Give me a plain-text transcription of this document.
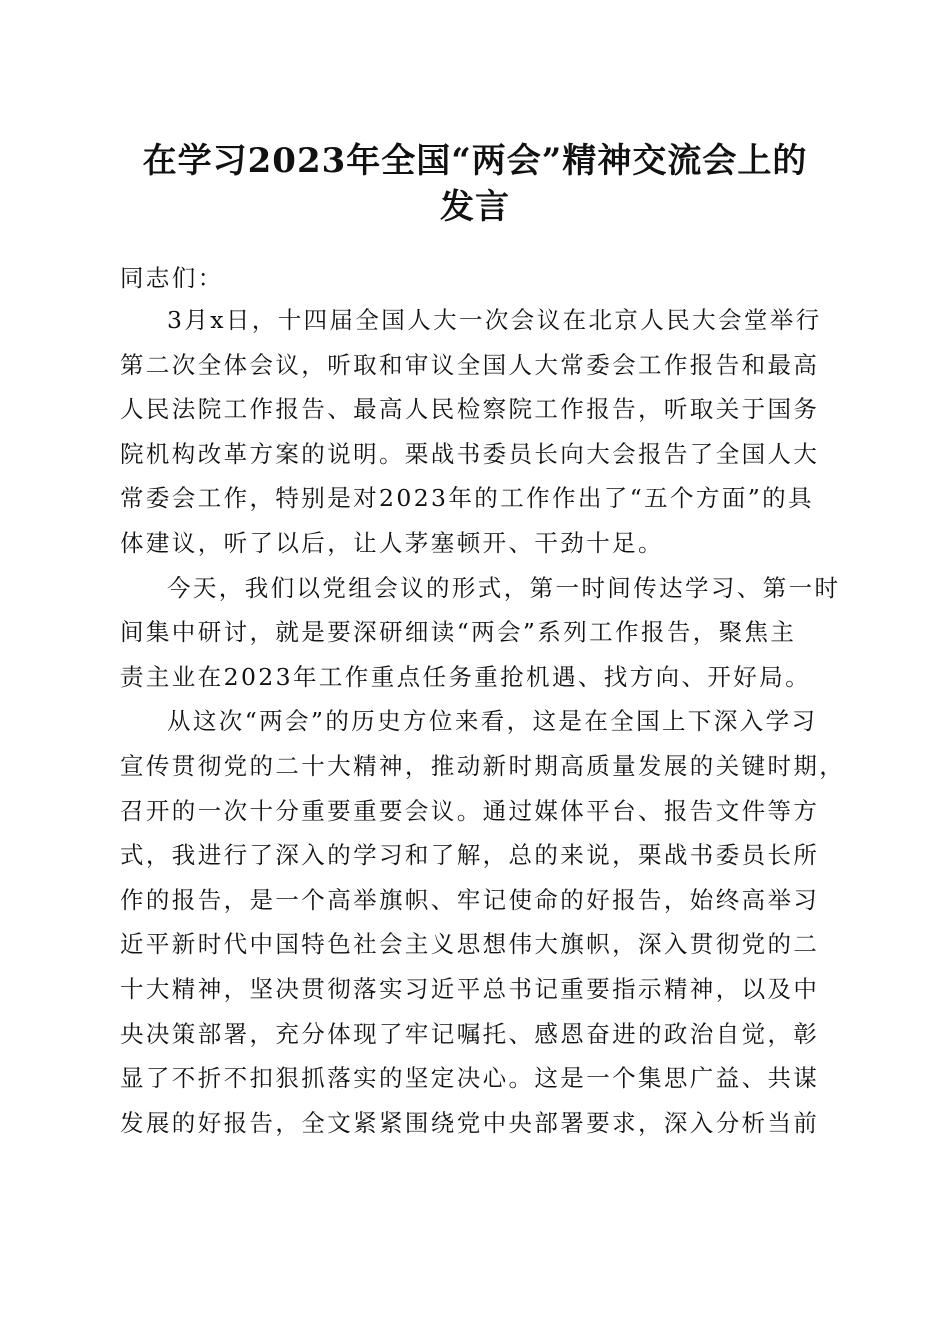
在学习2023年全国“两会”精神交流会上的
发言

同志们：

3月x日，十四届全国人大一次会议在北京人民大会堂举行
第二次全体会议，听取和审议全国人大常委会工作报告和最高
人民法院工作报告、最高人民检察院工作报告，听取关于国务
院机构改革方案的说明。栗战书委员长向大会报告了全国人大
常委会工作，特别是对2023年的工作作出了“五个方面”的具
体建议，听了以后，让人茅塞顿开、干劲十足。

今天，我们以党组会议的形式，第一时间传达学习、第一时
间集中研讨，就是要深研细读“两会”系列工作报告，聚焦主
责主业在2023年工作重点任务重抢机遇、找方向、开好局。

从这次“两会”的历史方位来看，这是在全国上下深入学习
宣传贯彻党的二十大精神，推动新时期高质量发展的关键时期，
召开的一次十分重要重要会议。通过媒体平台、报告文件等方
式，我进行了深入的学习和了解，总的来说，栗战书委员长所
作的报告，是一个高举旗帜、牢记使命的好报告，始终高举习
近平新时代中国特色社会主义思想伟大旗帜，深入贯彻党的二
十大精神，坚决贯彻落实习近平总书记重要指示精神，以及中
央决策部署，充分体现了牢记嘱托、感恩奋进的政治自觉，彰
显了不折不扣狠抓落实的坚定决心。这是一个集思广益、共谋
发展的好报告，全文紧紧围绕党中央部署要求，深入分析当前
